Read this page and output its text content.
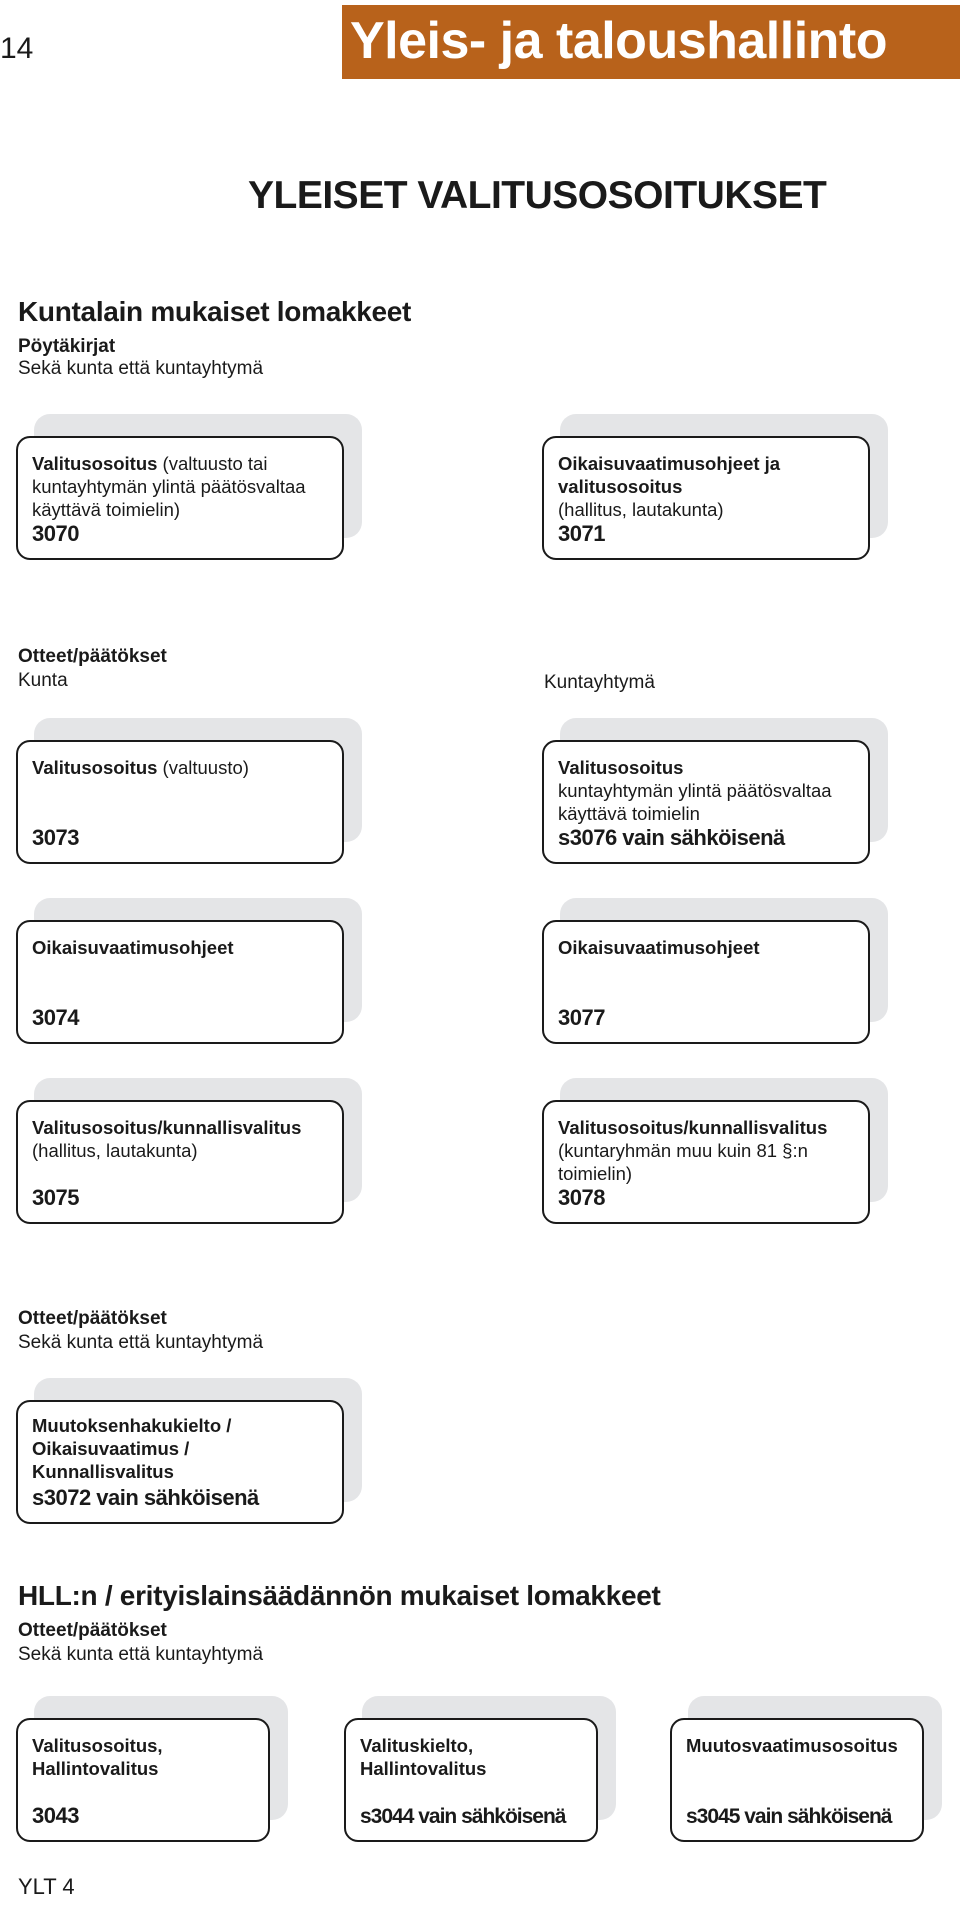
14	Yleis- ja taloushallinto
YLEISET VALITUSOSOITUKSET
Kuntalain mukaiset lomakkeet
Pöytäkirjat
Sekä kunta että kuntayhtymä
Valitusosoitus (valtuusto tai kuntayhtymän ylintä päätösvaltaa käyttävä toimielin)
3070
Oikaisuvaatimusohjeet ja valitusosoitus
(hallitus, lautakunta)
3071
Otteet/päätökset
Kunta	Kuntayhtymä
Valitusosoitus (valtuusto)
3073
Valitusosoitus
kuntayhtymän ylintä päätösvaltaa käyttävä toimielin
s3076 vain sähköisenä
Oikaisuvaatimusohjeet
3074
Oikaisuvaatimusohjeet
3077
Valitusosoitus/kunnallisvalitus
(hallitus, lautakunta)
3075
Valitusosoitus/kunnallisvalitus
(kuntaryhmän muu kuin 81 §:n toimielin)
3078
Otteet/päätökset
Sekä kunta että kuntayhtymä
Muutoksenhakukielto / Oikaisuvaatimus / Kunnallisvalitus
s3072 vain sähköisenä
HLL:n / erityislainsäädännön mukaiset lomakkeet
Otteet/päätökset
Sekä kunta että kuntayhtymä
Valitusosoitus, Hallintovalitus
3043
Valituskielto, Hallintovalitus
s3044 vain sähköisenä
Muutosvaatimusosoitus
s3045 vain sähköisenä
YLT 4
